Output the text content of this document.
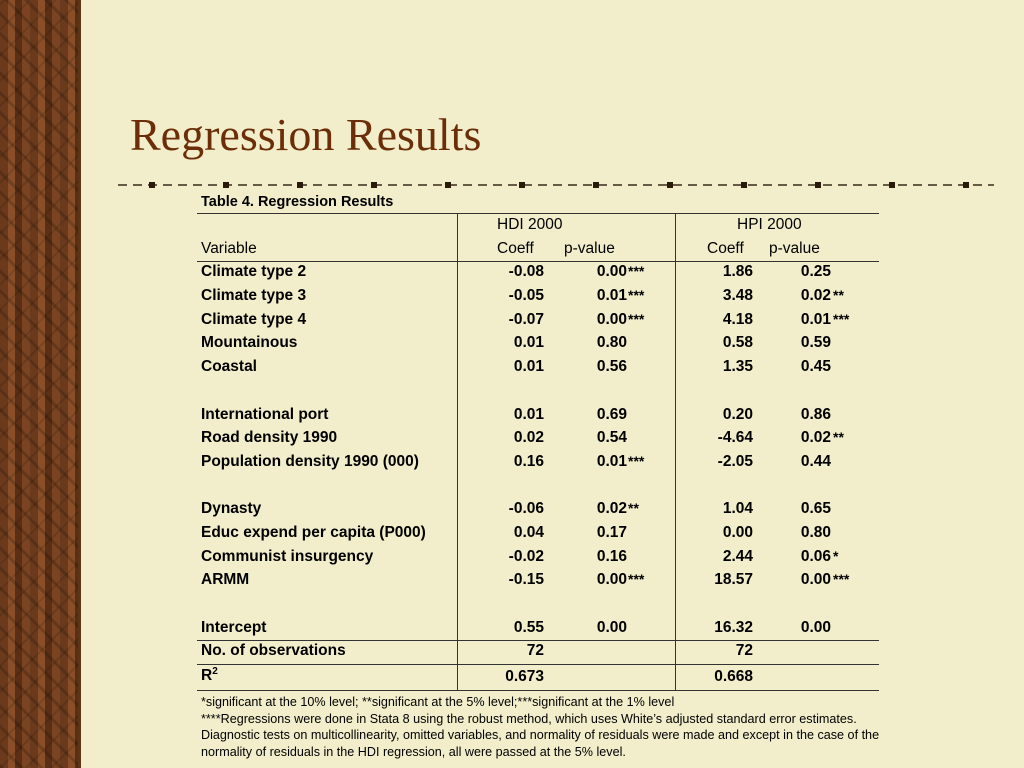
Regression Results
Table 4. Regression Results
HDI 2000	HPI 2000
Variable	Coeff p-value	Coeff p-value
Climate type 2	-0.08	0.00 ***	1.86	0.25
Climate type 3	-0.05	0.01 ***	3.48	0.02 **
Climate type 4	-0.07	0.00 ***	4.18	0.01 ***
Mountainous	0.01	0.80	0.58	0.59
Coastal	0.01	0.56	1.35	0.45
International port	0.01	0.69	0.20	0.86
Road density 1990	0.02	0.54	-4.64	0.02 **
Population density 1990 (000)	0.16	0.01 ***	-2.05	0.44
Dynasty	-0.06	0.02 **	1.04	0.65
Educ expend per capita (P000)	0.04	0.17	0.00	0.80
Communist insurgency	-0.02	0.16	2.44	0.06 *
ARMM	-0.15	0.00 ***	18.57	0.00 ***
Intercept	0.55	0.00	16.32	0.00
No. of observations	72	72
$R^2$	0.673	0.668

*significant at the 10% level; **significant at the 5% level;***significant at the 1% level

****Regressions were done in Stata 8 using the robust method, which uses White’s adjusted standard error estimates. Diagnostic tests on multicollinearity, omitted variables, and normality of residuals were made and except in the case of the normality of residuals in the HDI regression, all were passed at the 5% level.
